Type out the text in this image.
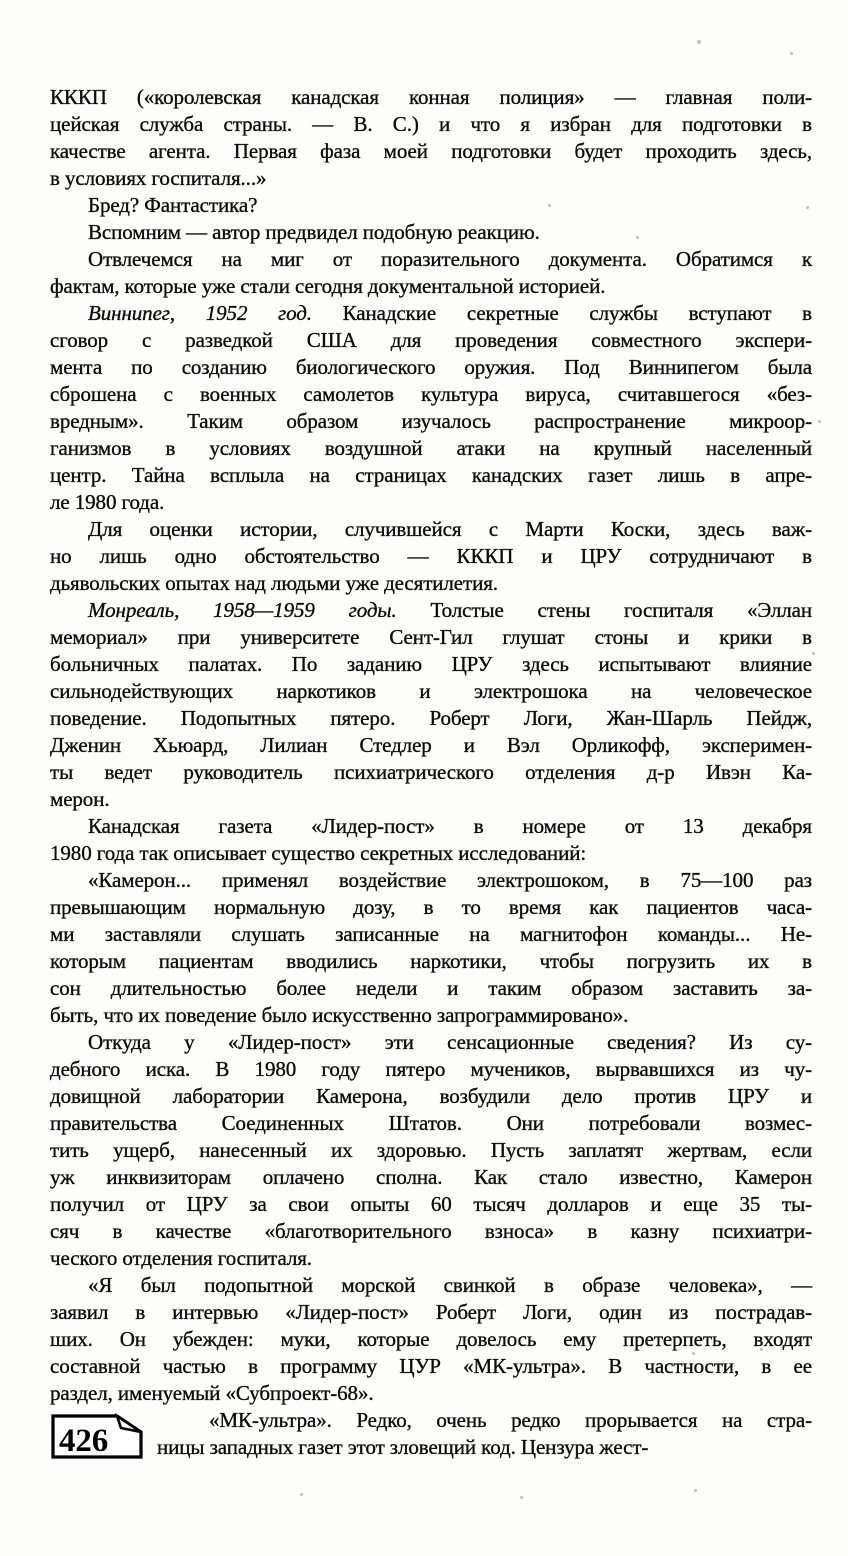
КККП («королевская канадская конная полиция» — главная поли-
цейская служба страны. — В. С.) и что я избран для подготовки в
качестве агента. Первая фаза моей подготовки будет проходить здесь,
в условиях госпиталя...»
Бред? Фантастика?
Вспомним — автор предвидел подобную реакцию.
Отвлечемся на миг от поразительного документа. Обратимся к
фактам, которые уже стали сегодня документальной историей.
Виннипег, 1952 год. Канадские секретные службы вступают в
сговор с разведкой США для проведения совместного экспери-
мента по созданию биологического оружия. Под Виннипегом была
сброшена с военных самолетов культура вируса, считавшегося «без-
вредным». Таким образом изучалось распространение микроор-
ганизмов в условиях воздушной атаки на крупный населенный
центр. Тайна всплыла на страницах канадских газет лишь в апре-
ле 1980 года.
Для оценки истории, случившейся с Марти Коски, здесь важ-
но лишь одно обстоятельство — КККП и ЦРУ сотрудничают в
дьявольских опытах над людьми уже десятилетия.
Монреаль, 1958—1959 годы. Толстые стены госпиталя «Эллан
мемориал» при университете Сент-Гил глушат стоны и крики в
больничных палатах. По заданию ЦРУ здесь испытывают влияние
сильнодействующих наркотиков и электрошока на человеческое
поведение. Подопытных пятеро. Роберт Логи, Жан-Шарль Пейдж,
Дженин Хьюард, Лилиан Стедлер и Вэл Орликофф, эксперимен-
ты ведет руководитель психиатрического отделения д-р Ивэн Ка-
мерон.
Канадская газета «Лидер-пост» в номере от 13 декабря
1980 года так описывает существо секретных исследований:
«Камерон... применял воздействие электрошоком, в 75—100 раз
превышающим нормальную дозу, в то время как пациентов часа-
ми заставляли слушать записанные на магнитофон команды... Не-
которым пациентам вводились наркотики, чтобы погрузить их в
сон длительностью более недели и таким образом заставить за-
быть, что их поведение было искусственно запрограммировано».
Откуда у «Лидер-пост» эти сенсационные сведения? Из су-
дебного иска. В 1980 году пятеро мучеников, вырвавшихся из чу-
довищной лаборатории Камерона, возбудили дело против ЦРУ и
правительства Соединенных Штатов. Они потребовали возмес-
тить ущерб, нанесенный их здоровью. Пусть заплатят жертвам, если
уж инквизиторам оплачено сполна. Как стало известно, Камерон
получил от ЦРУ за свои опыты 60 тысяч долларов и еще 35 ты-
сяч в качестве «благотворительного взноса» в казну психиатри-
ческого отделения госпиталя.
«Я был подопытной морской свинкой в образе человека», —
заявил в интервью «Лидер-пост» Роберт Логи, один из пострадав-
ших. Он убежден: муки, которые довелось ему претерпеть, входят
составной частью в программу ЦУР «МК-ультра». В частности, в ее
раздел, именуемый «Субпроект-68».
426
«МК-ультра». Редко, очень редко прорывается на стра-
ницы западных газет этот зловещий код. Цензура жест-
